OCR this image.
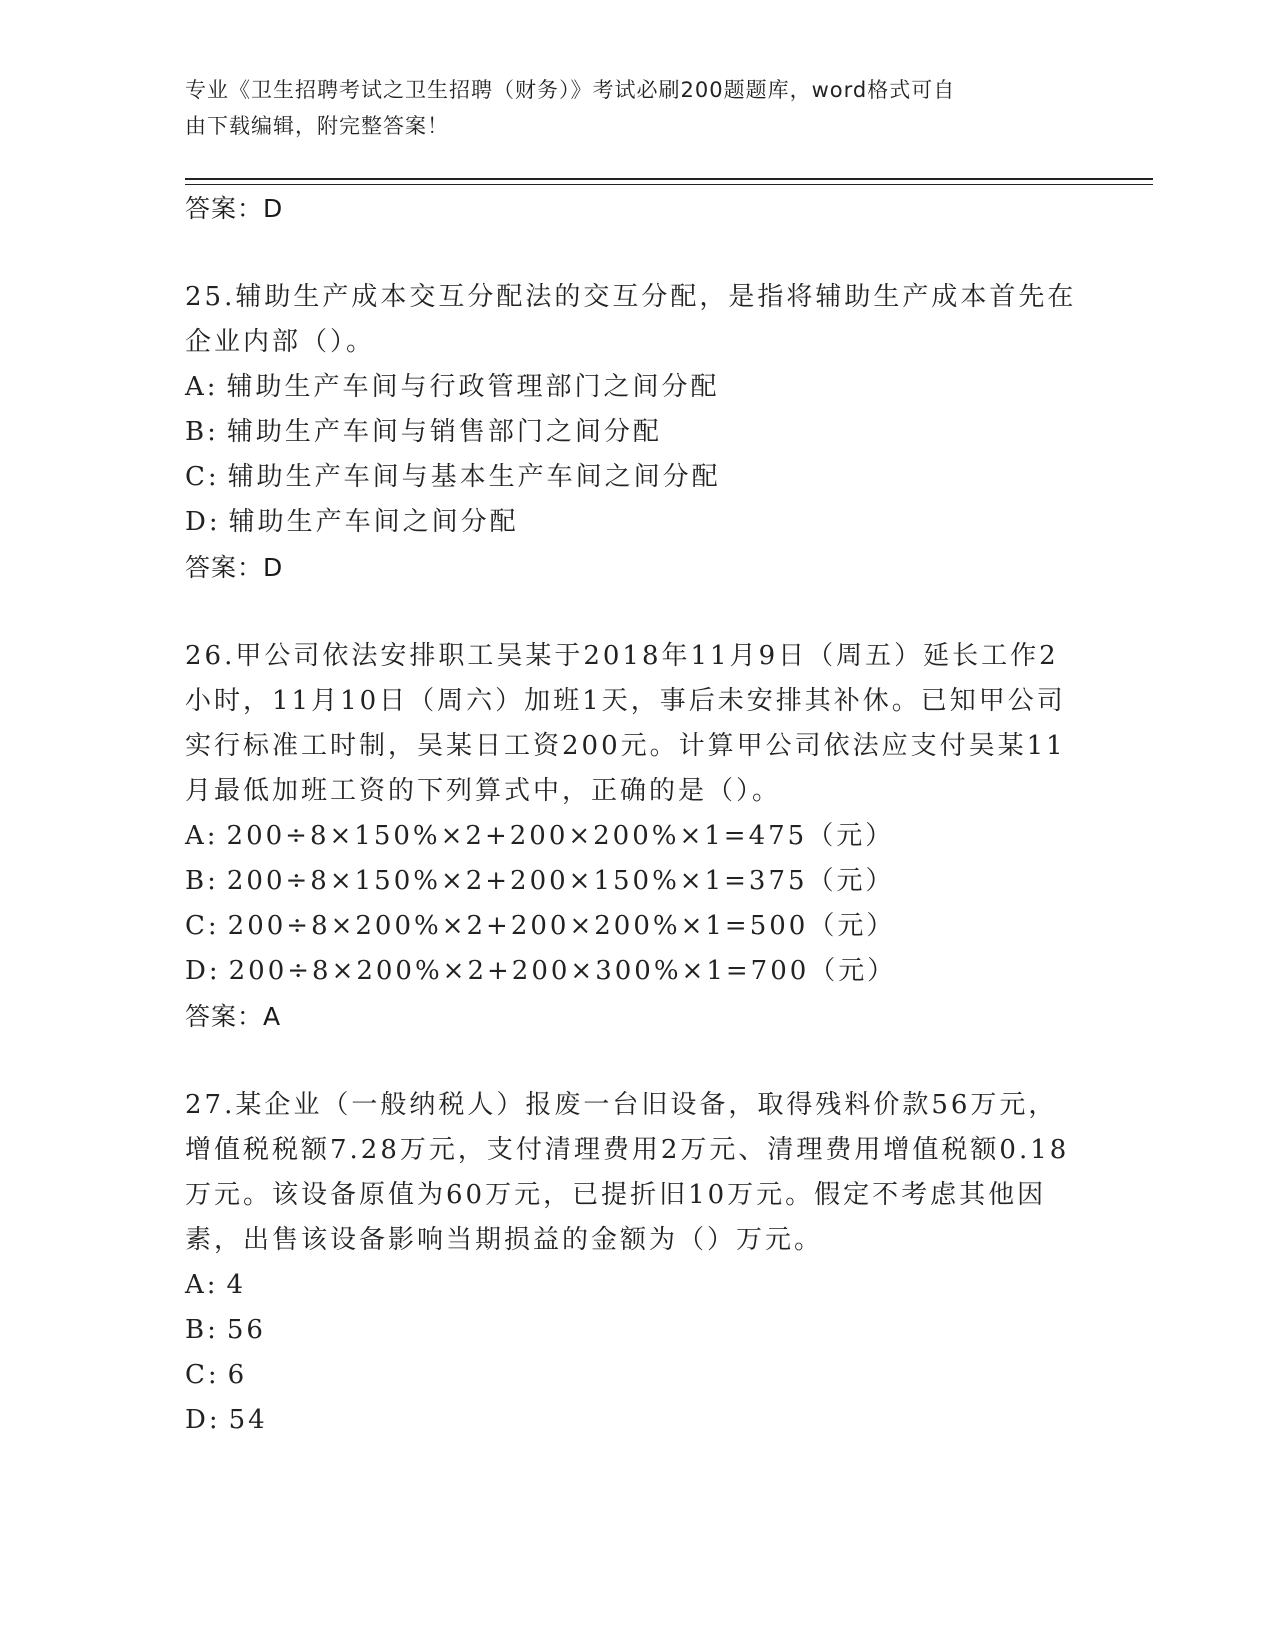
专业《卫生招聘考试之卫生招聘（财务）》考试必刷200题题库，word格式可自
由下载编辑，附完整答案！
答案：D

25.辅助生产成本交互分配法的交互分配，是指将辅助生产成本首先在

企业内部（）。

A: 辅助生产车间与行政管理部门之间分配

B: 辅助生产车间与销售部门之间分配

C: 辅助生产车间与基本生产车间之间分配

D: 辅助生产车间之间分配

答案：D

26.甲公司依法安排职工吴某于2018年11月9日（周五）延长工作2

小时，11月10日（周六）加班1天，事后未安排其补休。已知甲公司

实行标准工时制，吴某日工资200元。计算甲公司依法应支付吴某11

月最低加班工资的下列算式中，正确的是（）。

A: 200÷8×150%×2+200×200%×1=475（元）

B: 200÷8×150%×2+200×150%×1=375（元）

C: 200÷8×200%×2+200×200%×1=500（元）

D: 200÷8×200%×2+200×300%×1=700（元）

答案：A

27.某企业（一般纳税人）报废一台旧设备，取得残料价款56万元，

增值税税额7.28万元，支付清理费用2万元、清理费用增值税额0.18

万元。该设备原值为60万元，已提折旧10万元。假定不考虑其他因

素，出售该设备影响当期损益的金额为（）万元。

A: 4

B: 56

C: 6

D: 54
